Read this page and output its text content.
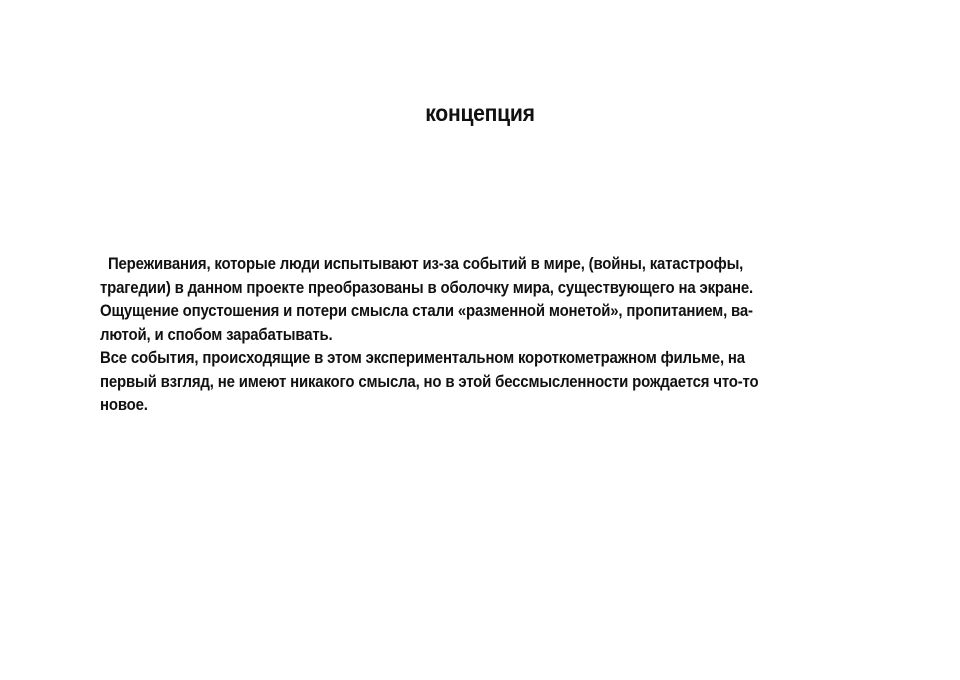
концепция
Переживания, которые люди испытывают из-за событий в мире, (войны, катастрофы,
трагедии) в данном проекте преобразованы в оболочку мира, существующего на экране.
Ощущение опустошения и потери смысла стали «разменной монетой», пропитанием, ва-
лютой, и спобом зарабатывать.
Все события, происходящие в этом экспериментальном короткометражном фильме, на
первый взгляд, не имеют никакого смысла, но в этой бессмысленности рождается что-то
новое.
